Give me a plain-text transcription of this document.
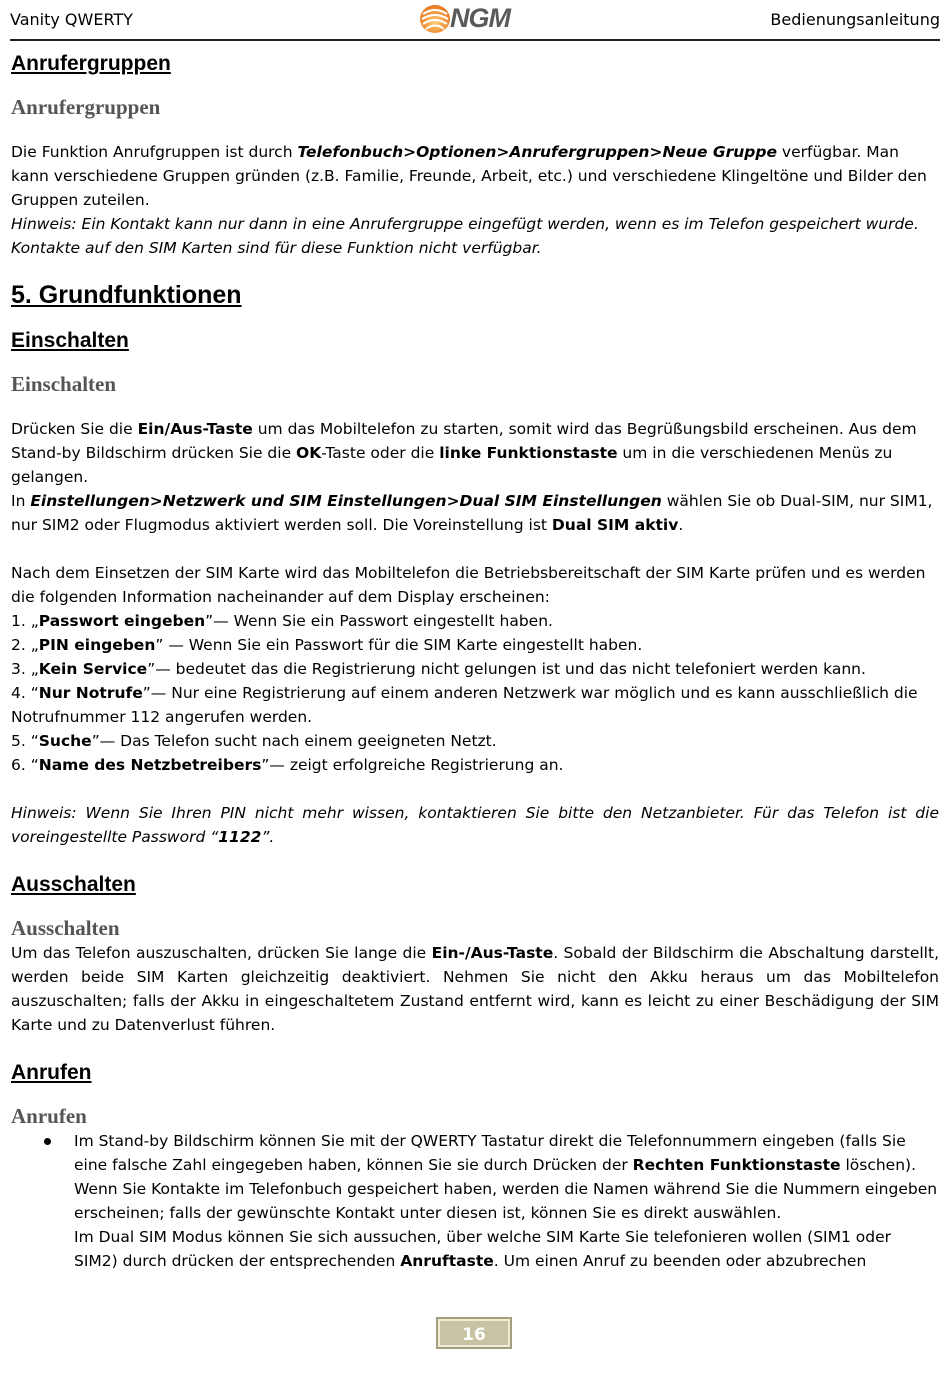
Vanity QWERTY	NGM	Bedienungsanleitung
Anrufergruppen
Anrufergruppen

Die Funktion Anrufgruppen ist durch Telefonbuch>Optionen>Anrufergruppen>Neue Gruppe verfügbar. Man kann verschiedene Gruppen gründen (z.B. Familie, Freunde, Arbeit, etc.) und verschiedene Klingeltöne und Bilder den Gruppen zuteilen.

Hinweis: Ein Kontakt kann nur dann in eine Anrufergruppe eingefügt werden, wenn es im Telefon gespeichert wurde. Kontakte auf den SIM Karten sind für diese Funktion nicht verfügbar.

5. Grundfunktionen
Einschalten
Einschalten

Drücken Sie die Ein/Aus-Taste um das Mobiltelefon zu starten, somit wird das Begrüßungsbild erscheinen. Aus dem Stand-by Bildschirm drücken Sie die OK-Taste oder die linke Funktionstaste um in die verschiedenen Menüs zu gelangen.

In Einstellungen>Netzwerk und SIM Einstellungen>Dual SIM Einstellungen wählen Sie ob Dual-SIM, nur SIM1, nur SIM2 oder Flugmodus aktiviert werden soll. Die Voreinstellung ist Dual SIM aktiv.

Nach dem Einsetzen der SIM Karte wird das Mobiltelefon die Betriebsbereitschaft der SIM Karte prüfen und es werden die folgenden Information nacheinander auf dem Display erscheinen:

1. „Passwort eingeben”— Wenn Sie ein Passwort eingestellt haben.

2. „PIN eingeben” — Wenn Sie ein Passwort für die SIM Karte eingestellt haben.

3. „Kein Service”— bedeutet das die Registrierung nicht gelungen ist und das nicht telefoniert werden kann.

4. “Nur Notrufe”— Nur eine Registrierung auf einem anderen Netzwerk war möglich und es kann ausschließlich die Notrufnummer 112 angerufen werden.

5. “Suche”— Das Telefon sucht nach einem geeigneten Netzt.

6. “Name des Netzbetreibers”— zeigt erfolgreiche Registrierung an.

Hinweis: Wenn Sie Ihren PIN nicht mehr wissen, kontaktieren Sie bitte den Netzanbieter. Für das Telefon ist die voreingestellte Password “1122”.

Ausschalten
Ausschalten

Um das Telefon auszuschalten, drücken Sie lange die Ein-/Aus-Taste. Sobald der Bildschirm die Abschaltung darstellt, werden beide SIM Karten gleichzeitig deaktiviert. Nehmen Sie nicht den Akku heraus um das Mobiltelefon auszuschalten; falls der Akku in eingeschaltetem Zustand entfernt wird, kann es leicht zu einer Beschädigung der SIM Karte und zu Datenverlust führen.

Anrufen
Anrufen
Im Stand-by Bildschirm können Sie mit der QWERTY Tastatur direkt die Telefonnummern eingeben (falls Sie eine falsche Zahl eingegeben haben, können Sie sie durch Drücken der Rechten Funktionstaste löschen).
Wenn Sie Kontakte im Telefonbuch gespeichert haben, werden die Namen während Sie die Nummern eingeben erscheinen; falls der gewünschte Kontakt unter diesen ist, können Sie es direkt auswählen.
Im Dual SIM Modus können Sie sich aussuchen, über welche SIM Karte Sie telefonieren wollen (SIM1 oder SIM2) durch drücken der entsprechenden Anruftaste. Um einen Anruf zu beenden oder abzubrechen
16
